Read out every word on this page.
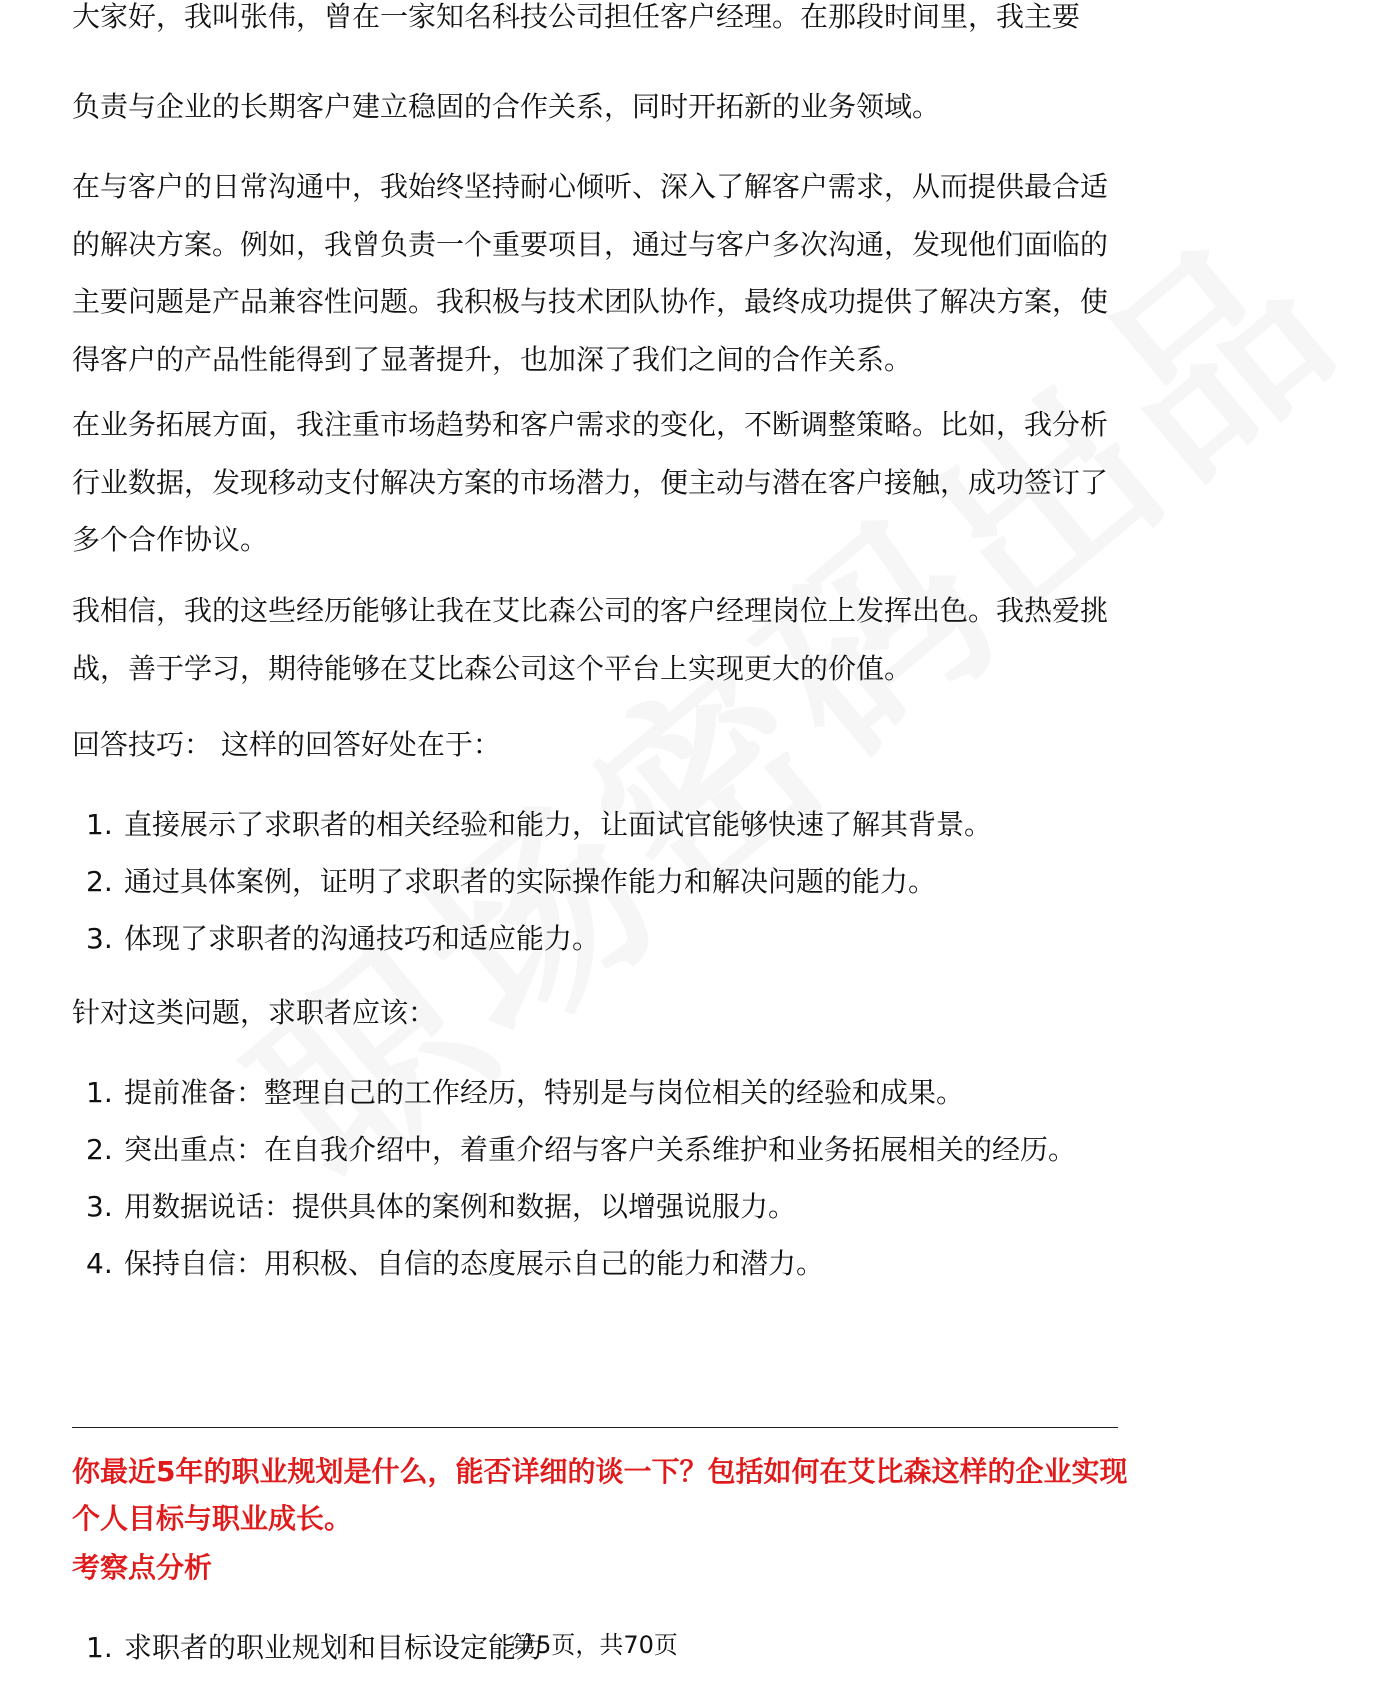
大家好，我叫张伟，曾在一家知名科技公司担任客户经理。在那段时间里，我主要

负责与企业的长期客户建立稳固的合作关系，同时开拓新的业务领域。

在与客户的日常沟通中，我始终坚持耐心倾听、深入了解客户需求，从而提供最合适的解决方案。例如，我曾负责一个重要项目，通过与客户多次沟通，发现他们面临的主要问题是产品兼容性问题。我积极与技术团队协作，最终成功提供了解决方案，使得客户的产品性能得到了显著提升，也加深了我们之间的合作关系。

在业务拓展方面，我注重市场趋势和客户需求的变化，不断调整策略。比如，我分析行业数据，发现移动支付解决方案的市场潜力，便主动与潜在客户接触，成功签订了多个合作协议。

我相信，我的这些经历能够让我在艾比森公司的客户经理岗位上发挥出色。我热爱挑战，善于学习，期待能够在艾比森公司这个平台上实现更大的价值。

回答技巧： 这样的回答好处在于：

1. 直接展示了求职者的相关经验和能力，让面试官能够快速了解其背景。
2. 通过具体案例，证明了求职者的实际操作能力和解决问题的能力。
3. 体现了求职者的沟通技巧和适应能力。

针对这类问题，求职者应该：

1. 提前准备：整理自己的工作经历，特别是与岗位相关的经验和成果。
2. 突出重点：在自我介绍中，着重介绍与客户关系维护和业务拓展相关的经历。
3. 用数据说话：提供具体的案例和数据，以增强说服力。
4. 保持自信：用积极、自信的态度展示自己的能力和潜力。

你最近5年的职业规划是什么，能否详细的谈一下？包括如何在艾比森这样的企业实现个人目标与职业成长。

考察点分析

1. 求职者的职业规划和目标设定能力
第5页，共70页
